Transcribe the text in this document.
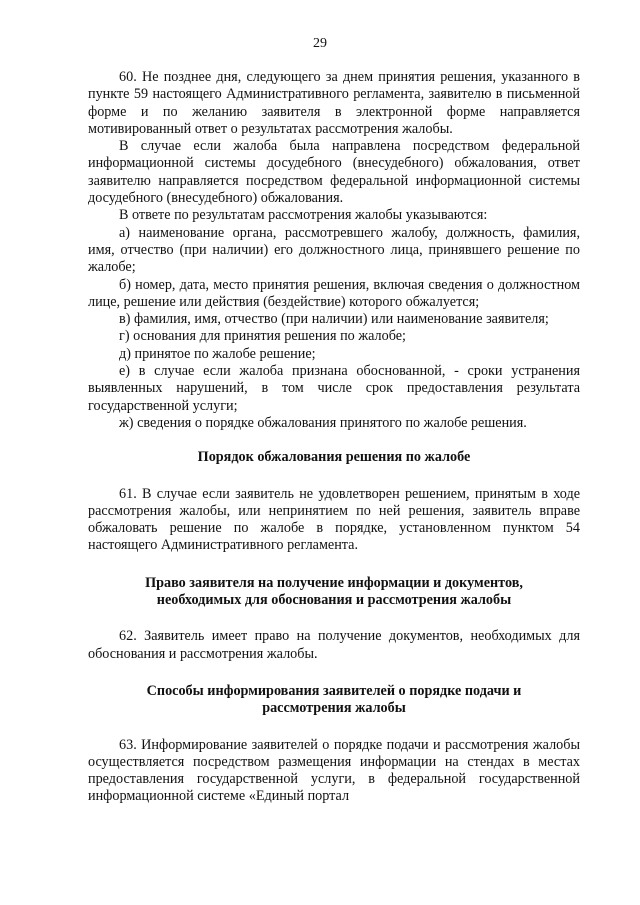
29

60. Не позднее дня, следующего за днем принятия решения, указанного в пункте 59 настоящего Административного регламента, заявителю в письменной форме и по желанию заявителя в электронной форме направляется мотивированный ответ о результатах рассмотрения жалобы.

В случае если жалоба была направлена посредством федеральной информационной системы досудебного (внесудебного) обжалования, ответ заявителю направляется посредством федеральной информационной системы досудебного (внесудебного) обжалования.

В ответе по результатам рассмотрения жалобы указываются:

а) наименование органа, рассмотревшего жалобу, должность, фамилия, имя, отчество (при наличии) его должностного лица, принявшего решение по жалобе;

б) номер, дата, место принятия решения, включая сведения о должностном лице, решение или действия (бездействие) которого обжалуется;

в) фамилия, имя, отчество (при наличии) или наименование заявителя;

г) основания для принятия решения по жалобе;

д) принятое по жалобе решение;

е) в случае если жалоба признана обоснованной, - сроки устранения выявленных нарушений, в том числе срок предоставления результата государственной услуги;

ж) сведения о порядке обжалования принятого по жалобе решения.

Порядок обжалования решения по жалобе

61. В случае если заявитель не удовлетворен решением, принятым в ходе рассмотрения жалобы, или непринятием по ней решения, заявитель вправе обжаловать решение по жалобе в порядке, установленном пунктом 54 настоящего Административного регламента.

Право заявителя на получение информации и документов,
необходимых для обоснования и рассмотрения жалобы

62. Заявитель имеет право на получение документов, необходимых для обоснования и рассмотрения жалобы.

Способы информирования заявителей о порядке подачи и
рассмотрения жалобы

63. Информирование заявителей о порядке подачи и рассмотрения жалобы осуществляется посредством размещения информации на стендах в местах предоставления государственной услуги, в федеральной государственной информационной системе «Единый портал
